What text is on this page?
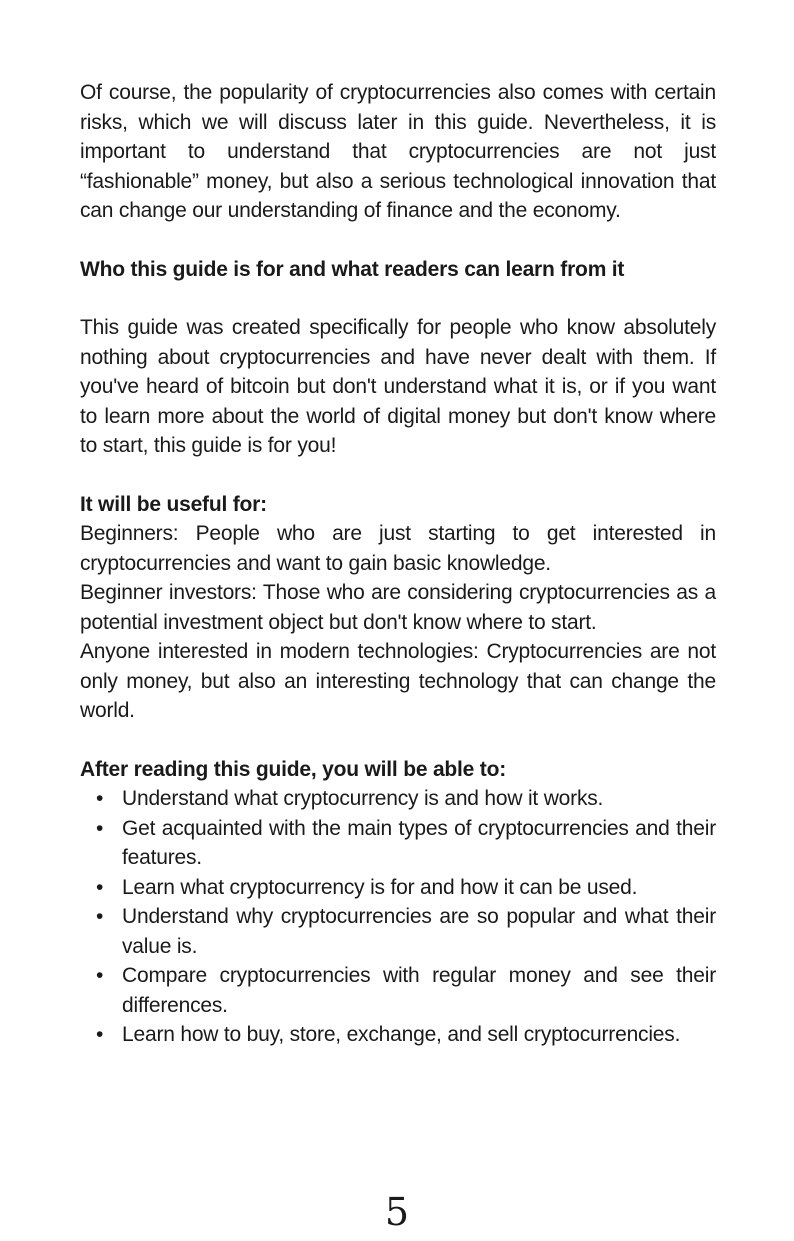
Of course, the popularity of cryptocurrencies also comes with certain risks, which we will discuss later in this guide. Nevertheless, it is important to understand that cryptocurrencies are not just “fashionable” money, but also a serious technological innovation that can change our understanding of finance and the economy.

Who this guide is for and what readers can learn from it

This guide was created specifically for people who know absolutely nothing about cryptocurrencies and have never dealt with them. If you've heard of bitcoin but don't understand what it is, or if you want to learn more about the world of digital money but don't know where to start, this guide is for you!

It will be useful for:

Beginners: People who are just starting to get interested in cryptocurrencies and want to gain basic knowledge.

Beginner investors: Those who are considering cryptocurrencies as a potential investment object but don't know where to start.

Anyone interested in modern technologies: Cryptocurrencies are not only money, but also an interesting technology that can change the world.

After reading this guide, you will be able to:

• Understand what cryptocurrency is and how it works.
• Get acquainted with the main types of cryptocurrencies and their features.
• Learn what cryptocurrency is for and how it can be used.
• Understand why cryptocurrencies are so popular and what their value is.
• Compare cryptocurrencies with regular money and see their differences.
• Learn how to buy, store, exchange, and sell cryptocurrencies.
5
